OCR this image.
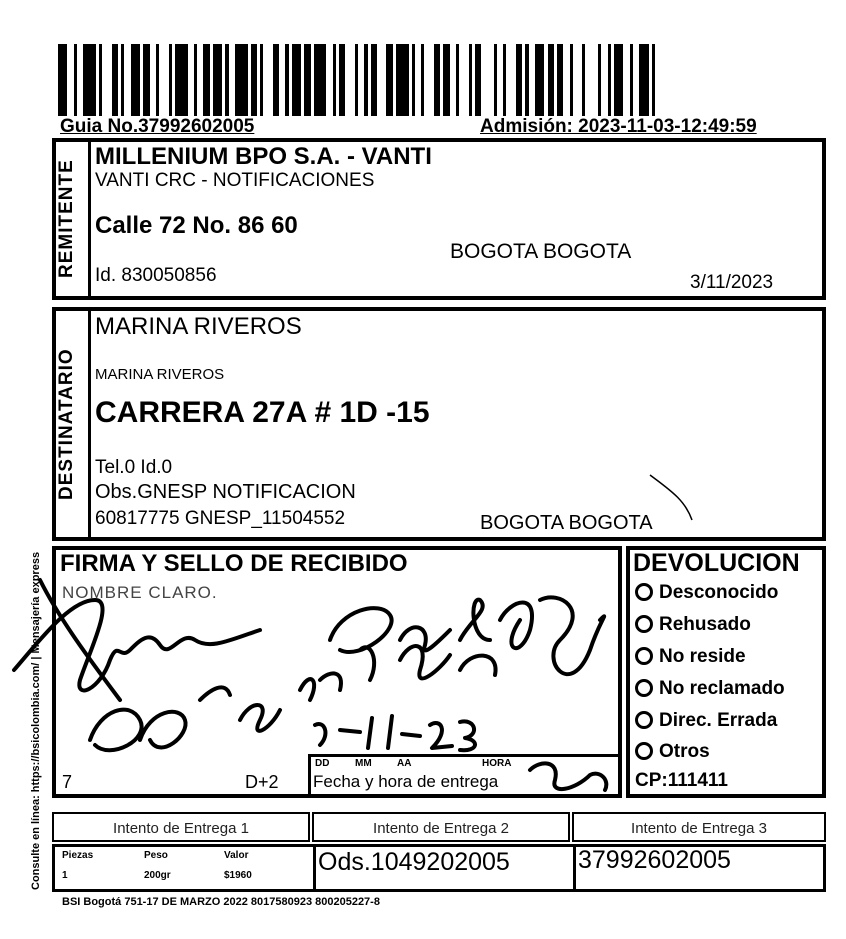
Guia No.37992602005	Admisión: 2023-11-03-12:49:59
Consulte en línea: https://bsicolombia.com/ | Mensajería express
REMITENTE
MILLENIUM BPO S.A. - VANTI
VANTI CRC - NOTIFICACIONES
Calle 72 No. 86 60
BOGOTA BOGOTA
Id. 830050856	3/11/2023
DESTINATARIO
MARINA RIVEROS
MARINA RIVEROS
CARRERA 27A # 1D -15
Tel.0 Id.0
Obs.GNESP NOTIFICACION
60817775 GNESP_11504552	BOGOTA BOGOTA
FIRMA Y SELLO DE RECIBIDO
NOMBRE CLARO.
7	D+2
DD	MM	AA	HORA
Fecha y hora de entrega
DEVOLUCION
Desconocido
Rehusado
No reside
No reclamado
Direc. Errada
Otros
CP:111411
Intento de Entrega 1	Intento de Entrega 2	Intento de Entrega 3
Piezas	Peso	Valor
1	200gr	$1960	Ods.1049202005	37992602005
BSI Bogotá 751-17 DE MARZO 2022 8017580923 800205227-8
